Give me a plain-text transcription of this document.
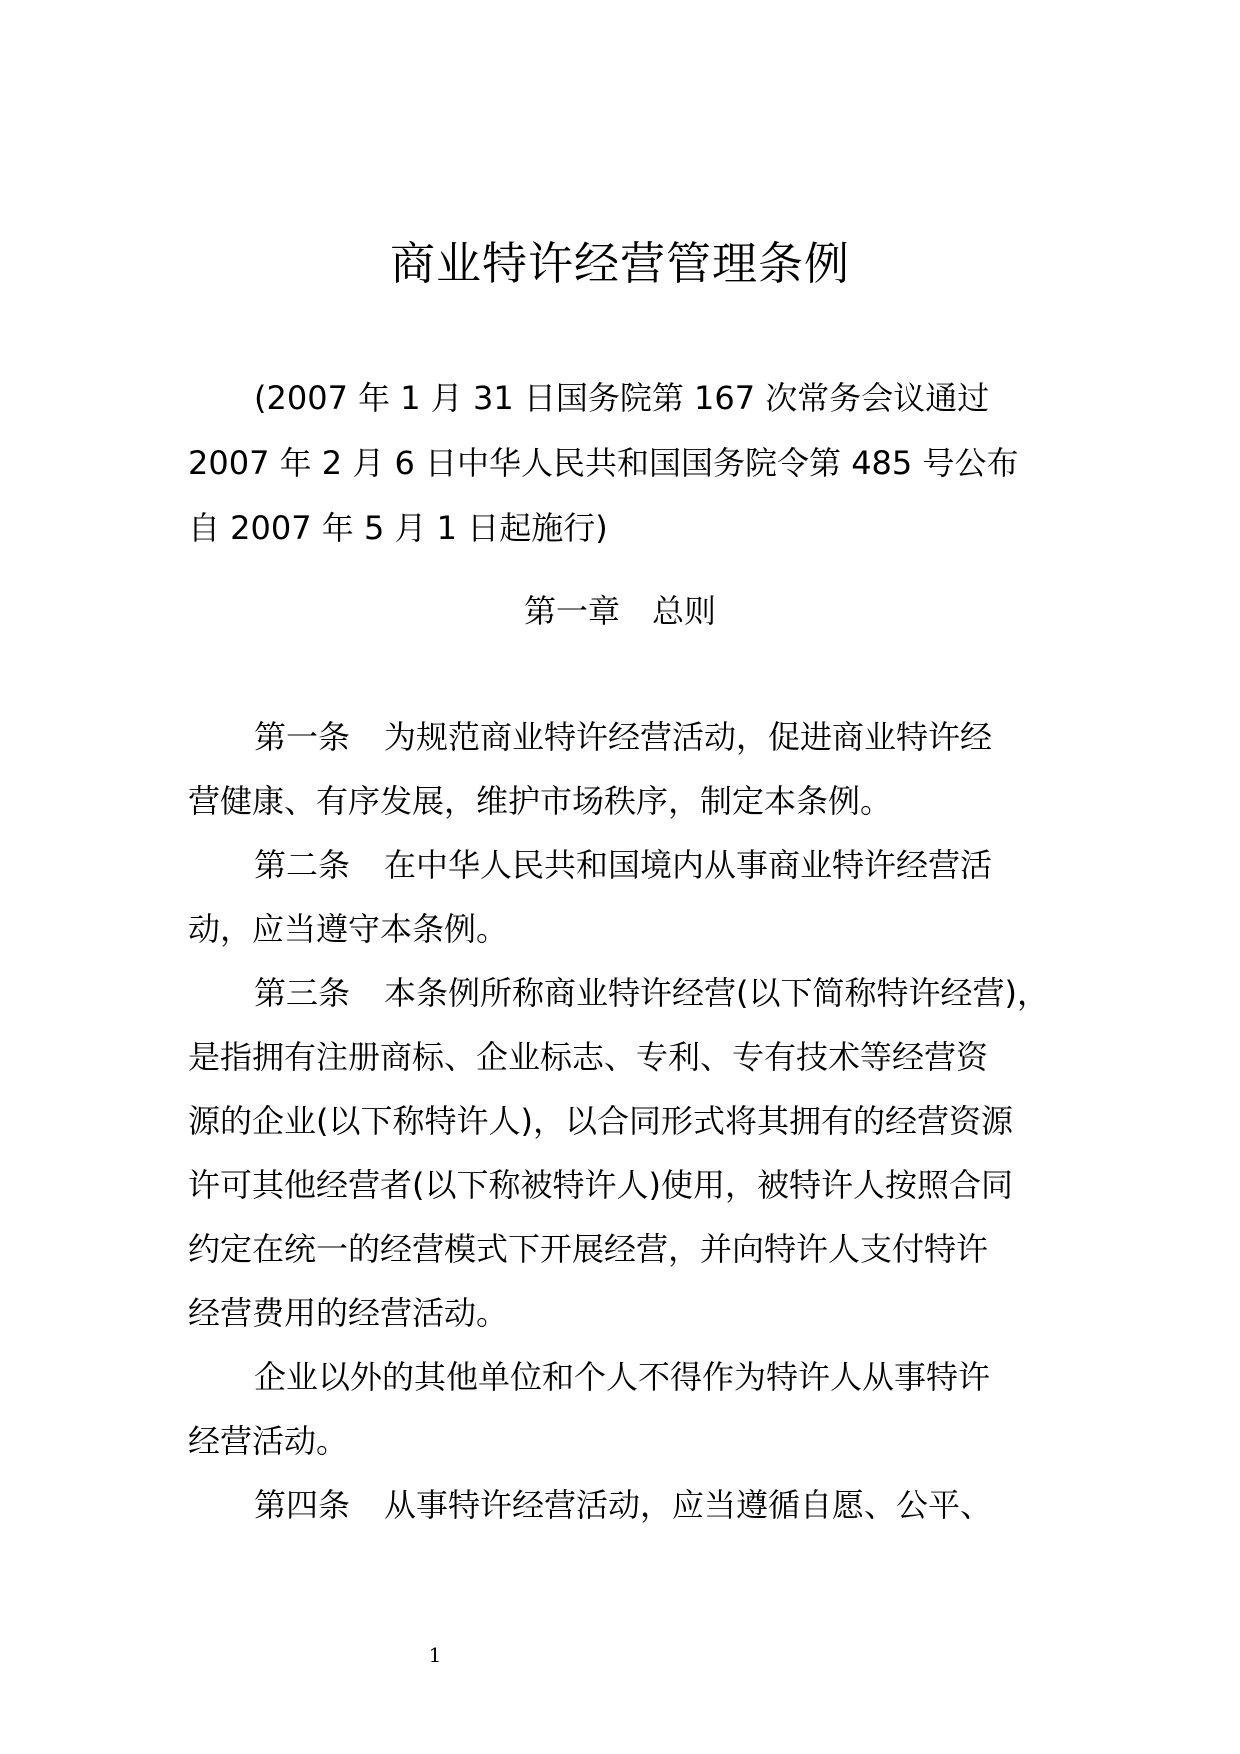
商业特许经营管理条例
(2007 年 1 月 31 日国务院第 167 次常务会议通过
2007 年 2 月 6 日中华人民共和国国务院令第 485 号公布
自 2007 年 5 月 1 日起施行)
第一章　总则

第一条 为规范商业特许经营活动，促进商业特许经
营健康、有序发展，维护市场秩序，制定本条例。

第二条 在中华人民共和国境内从事商业特许经营活
动，应当遵守本条例。

第三条 本条例所称商业特许经营(以下简称特许经营)，
是指拥有注册商标、企业标志、专利、专有技术等经营资
源的企业(以下称特许人)，以合同形式将其拥有的经营资源
许可其他经营者(以下称被特许人)使用，被特许人按照合同
约定在统一的经营模式下开展经营，并向特许人支付特许
经营费用的经营活动。

企业以外的其他单位和个人不得作为特许人从事特许
经营活动。

第四条 从事特许经营活动，应当遵循自愿、公平、

1
